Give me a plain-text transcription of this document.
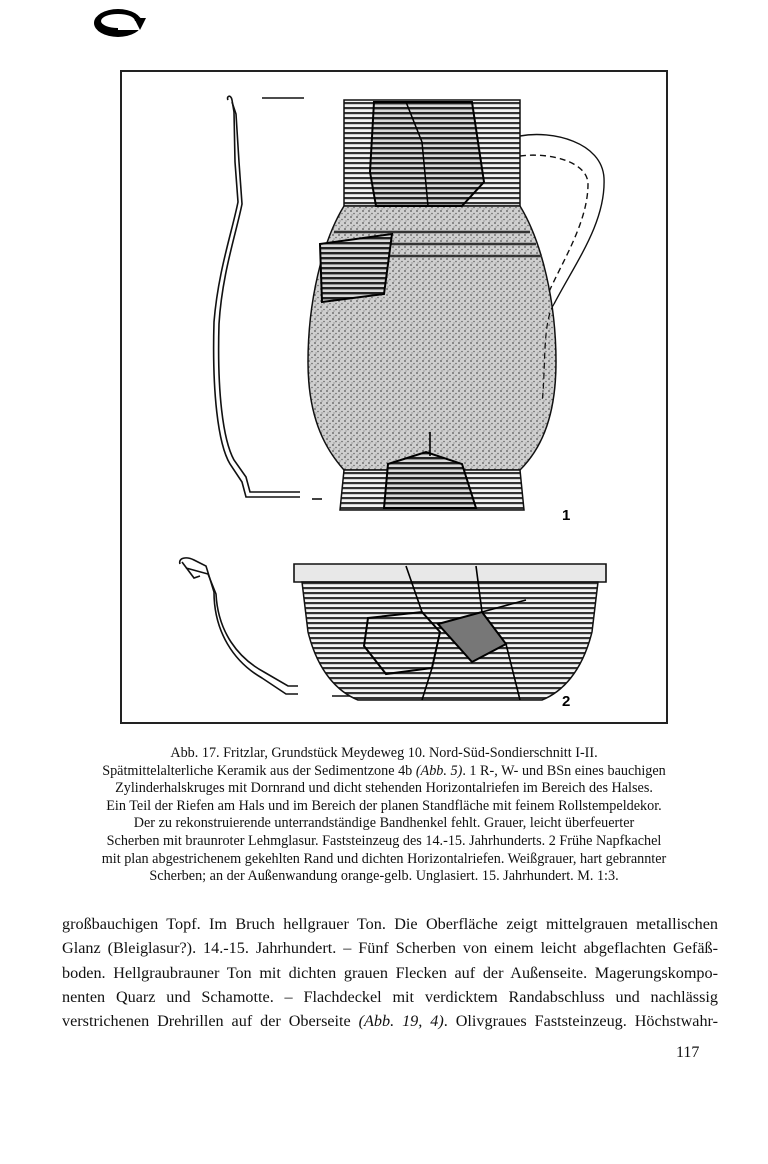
1
2
Abb. 17. Fritzlar, Grundstück Meydeweg 10. Nord-Süd-Sondierschnitt I-II.
Spätmittelalterliche Keramik aus der Sedimentzone 4b (Abb. 5). 1 R-, W- und BSn eines bauchigen
Zylinderhalskruges mit Dornrand und dicht stehenden Horizontalriefen im Bereich des Halses.
Ein Teil der Riefen am Hals und im Bereich der planen Standfläche mit feinem Rollstempeldekor.
Der zu rekonstruierende unterrandständige Bandhenkel fehlt. Grauer, leicht überfeuerter
Scherben mit braunroter Lehmglasur. Faststeinzeug des 14.-15. Jahrhunderts. 2 Frühe Napfkachel
mit plan abgestrichenem gekehlten Rand und dichten Horizontalriefen. Weißgrauer, hart gebrannter
Scherben; an der Außenwandung orange-gelb. Unglasiert. 15. Jahrhundert. M. 1:3.
großbauchigen Topf. Im Bruch hellgrauer Ton. Die Oberfläche zeigt mittelgrauen metallischen
Glanz (Bleiglasur?). 14.-15. Jahrhundert. – Fünf Scherben von einem leicht abgeflachten Gefäß-
boden. Hellgraubrauner Ton mit dichten grauen Flecken auf der Außenseite. Magerungskompo-
nenten Quarz und Schamotte. – Flachdeckel mit verdicktem Randabschluss und nachlässig
verstrichenen Drehrillen auf der Oberseite (Abb. 19, 4). Olivgraues Faststeinzeug. Höchstwahr-
117
